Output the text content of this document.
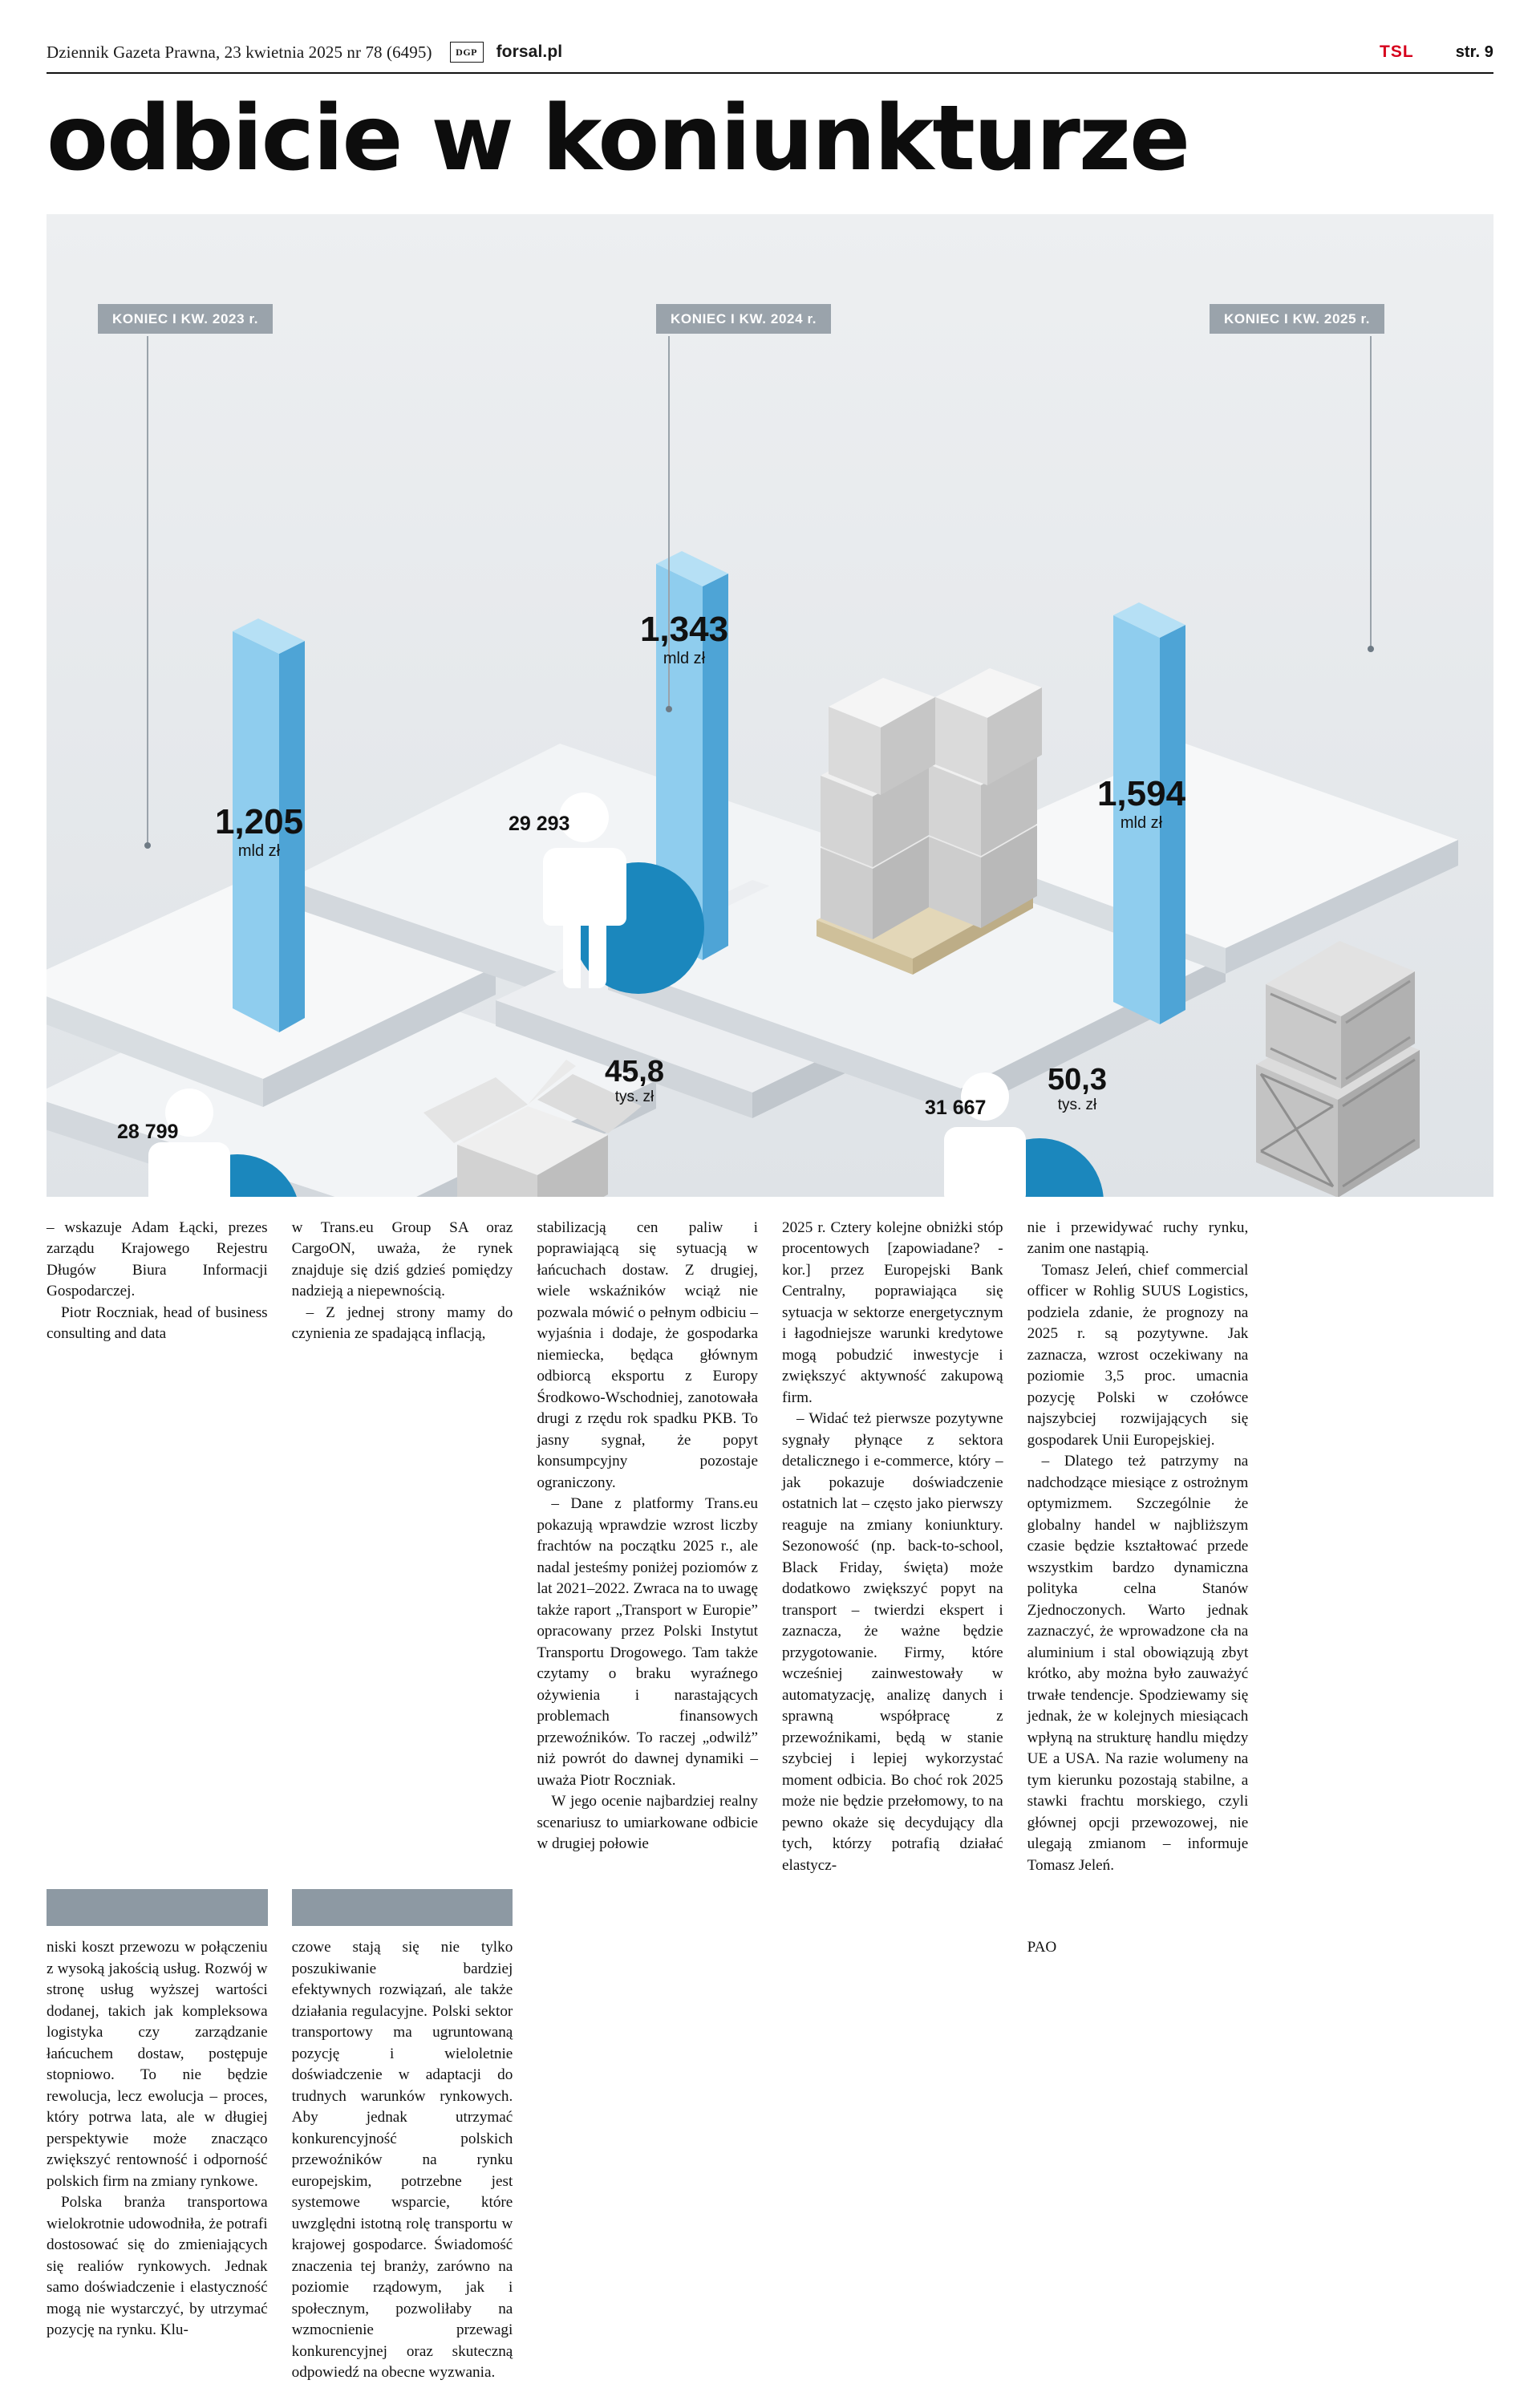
Dziennik Gazeta Prawna, 23 kwietnia 2025 nr 78 (6495)	DGP	forsal.pl	TSL	str. 9
odbicie w koniunkturze
KONIEC I KW. 2023 r.	KONIEC I KW. 2024 r.	KONIEC I KW. 2025 r.
1,205
mld zł
1,343
mld zł
1,594
mld zł
28 799
29 293
31 667
45,8
tys. zł
50,3
tys. zł

– wskazuje Adam Łącki, prezes zarządu Krajowego Rejestru Długów Biura Informacji Gospodarczej.

Piotr Roczniak, head of business consulting and data

w Trans.eu Group SA oraz CargoON, uważa, że rynek znajduje się dziś gdzieś pomiędzy nadzieją a niepewnością.

– Z jednej strony mamy do czynienia ze spadającą inflacją,

stabilizacją cen paliw i poprawiającą się sytuacją w łańcuchach dostaw. Z drugiej, wiele wskaźników wciąż nie pozwala mówić o pełnym odbiciu – wyjaśnia i dodaje, że gospodarka niemiecka, będąca głównym odbiorcą eksportu z Europy Środkowo-Wschodniej, zanotowała drugi z rzędu rok spadku PKB. To jasny sygnał, że popyt konsumpcyjny pozostaje ograniczony.

– Dane z platformy Trans.eu pokazują wprawdzie wzrost liczby frachtów na początku 2025 r., ale nadal jesteśmy poniżej poziomów z lat 2021–2022. Zwraca na to uwagę także raport „Transport w Europie” opracowany przez Polski Instytut Transportu Drogowego. Tam także czytamy o braku wyraźnego ożywienia i narastających problemach finansowych przewoźników. To raczej „odwilż” niż powrót do dawnej dynamiki – uważa Piotr Roczniak.

W jego ocenie najbardziej realny scenariusz to umiarkowane odbicie w drugiej połowie

2025 r. Cztery kolejne obniżki stóp procentowych [zapowiadane? - kor.] przez Europejski Bank Centralny, poprawiająca się sytuacja w sektorze energetycznym i łagodniejsze warunki kredytowe mogą pobudzić inwestycje i zwiększyć aktywność zakupową firm.

– Widać też pierwsze pozytywne sygnały płynące z sektora detalicznego i e-commerce, który – jak pokazuje doświadczenie ostatnich lat – często jako pierwszy reaguje na zmiany koniunktury. Sezonowość (np. back-to-school, Black Friday, święta) może dodatkowo zwiększyć popyt na transport – twierdzi ekspert i zaznacza, że ważne będzie przygotowanie. Firmy, które wcześniej zainwestowały w automatyzację, analizę danych i sprawną współpracę z przewoźnikami, będą w stanie szybciej i lepiej wykorzystać moment odbicia. Bo choć rok 2025 może nie będzie przełomowy, to na pewno okaże się decydujący dla tych, którzy potrafią działać elastycz-

nie i przewidywać ruchy rynku, zanim one nastąpią.

Tomasz Jeleń, chief commercial officer w Rohlig SUUS Logistics, podziela zdanie, że prognozy na 2025 r. są pozytywne. Jak zaznacza, wzrost oczekiwany na poziomie 3,5 proc. umacnia pozycję Polski w czołówce najszybciej rozwijających się gospodarek Unii Europejskiej.

– Dlatego też patrzymy na nadchodzące miesiące z ostrożnym optymizmem. Szczególnie że globalny handel w najbliższym czasie będzie kształtować przede wszystkim bardzo dynamiczna polityka celna Stanów Zjednoczonych. Warto jednak zaznaczyć, że wprowadzone cła na aluminium i stal obowiązują zbyt krótko, aby można było zauważyć trwałe tendencje. Spodziewamy się jednak, że w kolejnych miesiącach wpłyną na strukturę handlu między UE a USA. Na razie wolumeny na tym kierunku pozostają stabilne, a stawki frachtu morskiego, czyli głównej opcji przewozowej, nie ulegają zmianom – informuje Tomasz Jeleń.

niski koszt przewozu w połączeniu z wysoką jakością usług. Rozwój w stronę usług wyższej wartości dodanej, takich jak kompleksowa logistyka czy zarządzanie łańcuchem dostaw, postępuje stopniowo. To nie będzie rewolucja, lecz ewolucja – proces, który potrwa lata, ale w długiej perspektywie może znacząco zwiększyć rentowność i odporność polskich firm na zmiany rynkowe.

Polska branża transportowa wielokrotnie udowodniła, że potrafi dostosować się do zmieniających się realiów rynkowych. Jednak samo doświadczenie i elastyczność mogą nie wystarczyć, by utrzymać pozycję na rynku. Klu-

czowe stają się nie tylko poszukiwanie bardziej efektywnych rozwiązań, ale także działania regulacyjne. Polski sektor transportowy ma ugruntowaną pozycję i wieloletnie doświadczenie w adaptacji do trudnych warunków rynkowych. Aby jednak utrzymać konkurencyjność polskich przewoźników na rynku europejskim, potrzebne jest systemowe wsparcie, które uwzględni istotną rolę transportu w krajowej gospodarce. Świadomość znaczenia tej branży, zarówno na poziomie rządowym, jak i społecznym, pozwoliłaby na wzmocnienie przewagi konkurencyjnej oraz skuteczną odpowiedź na obecne wyzwania.

PAO
